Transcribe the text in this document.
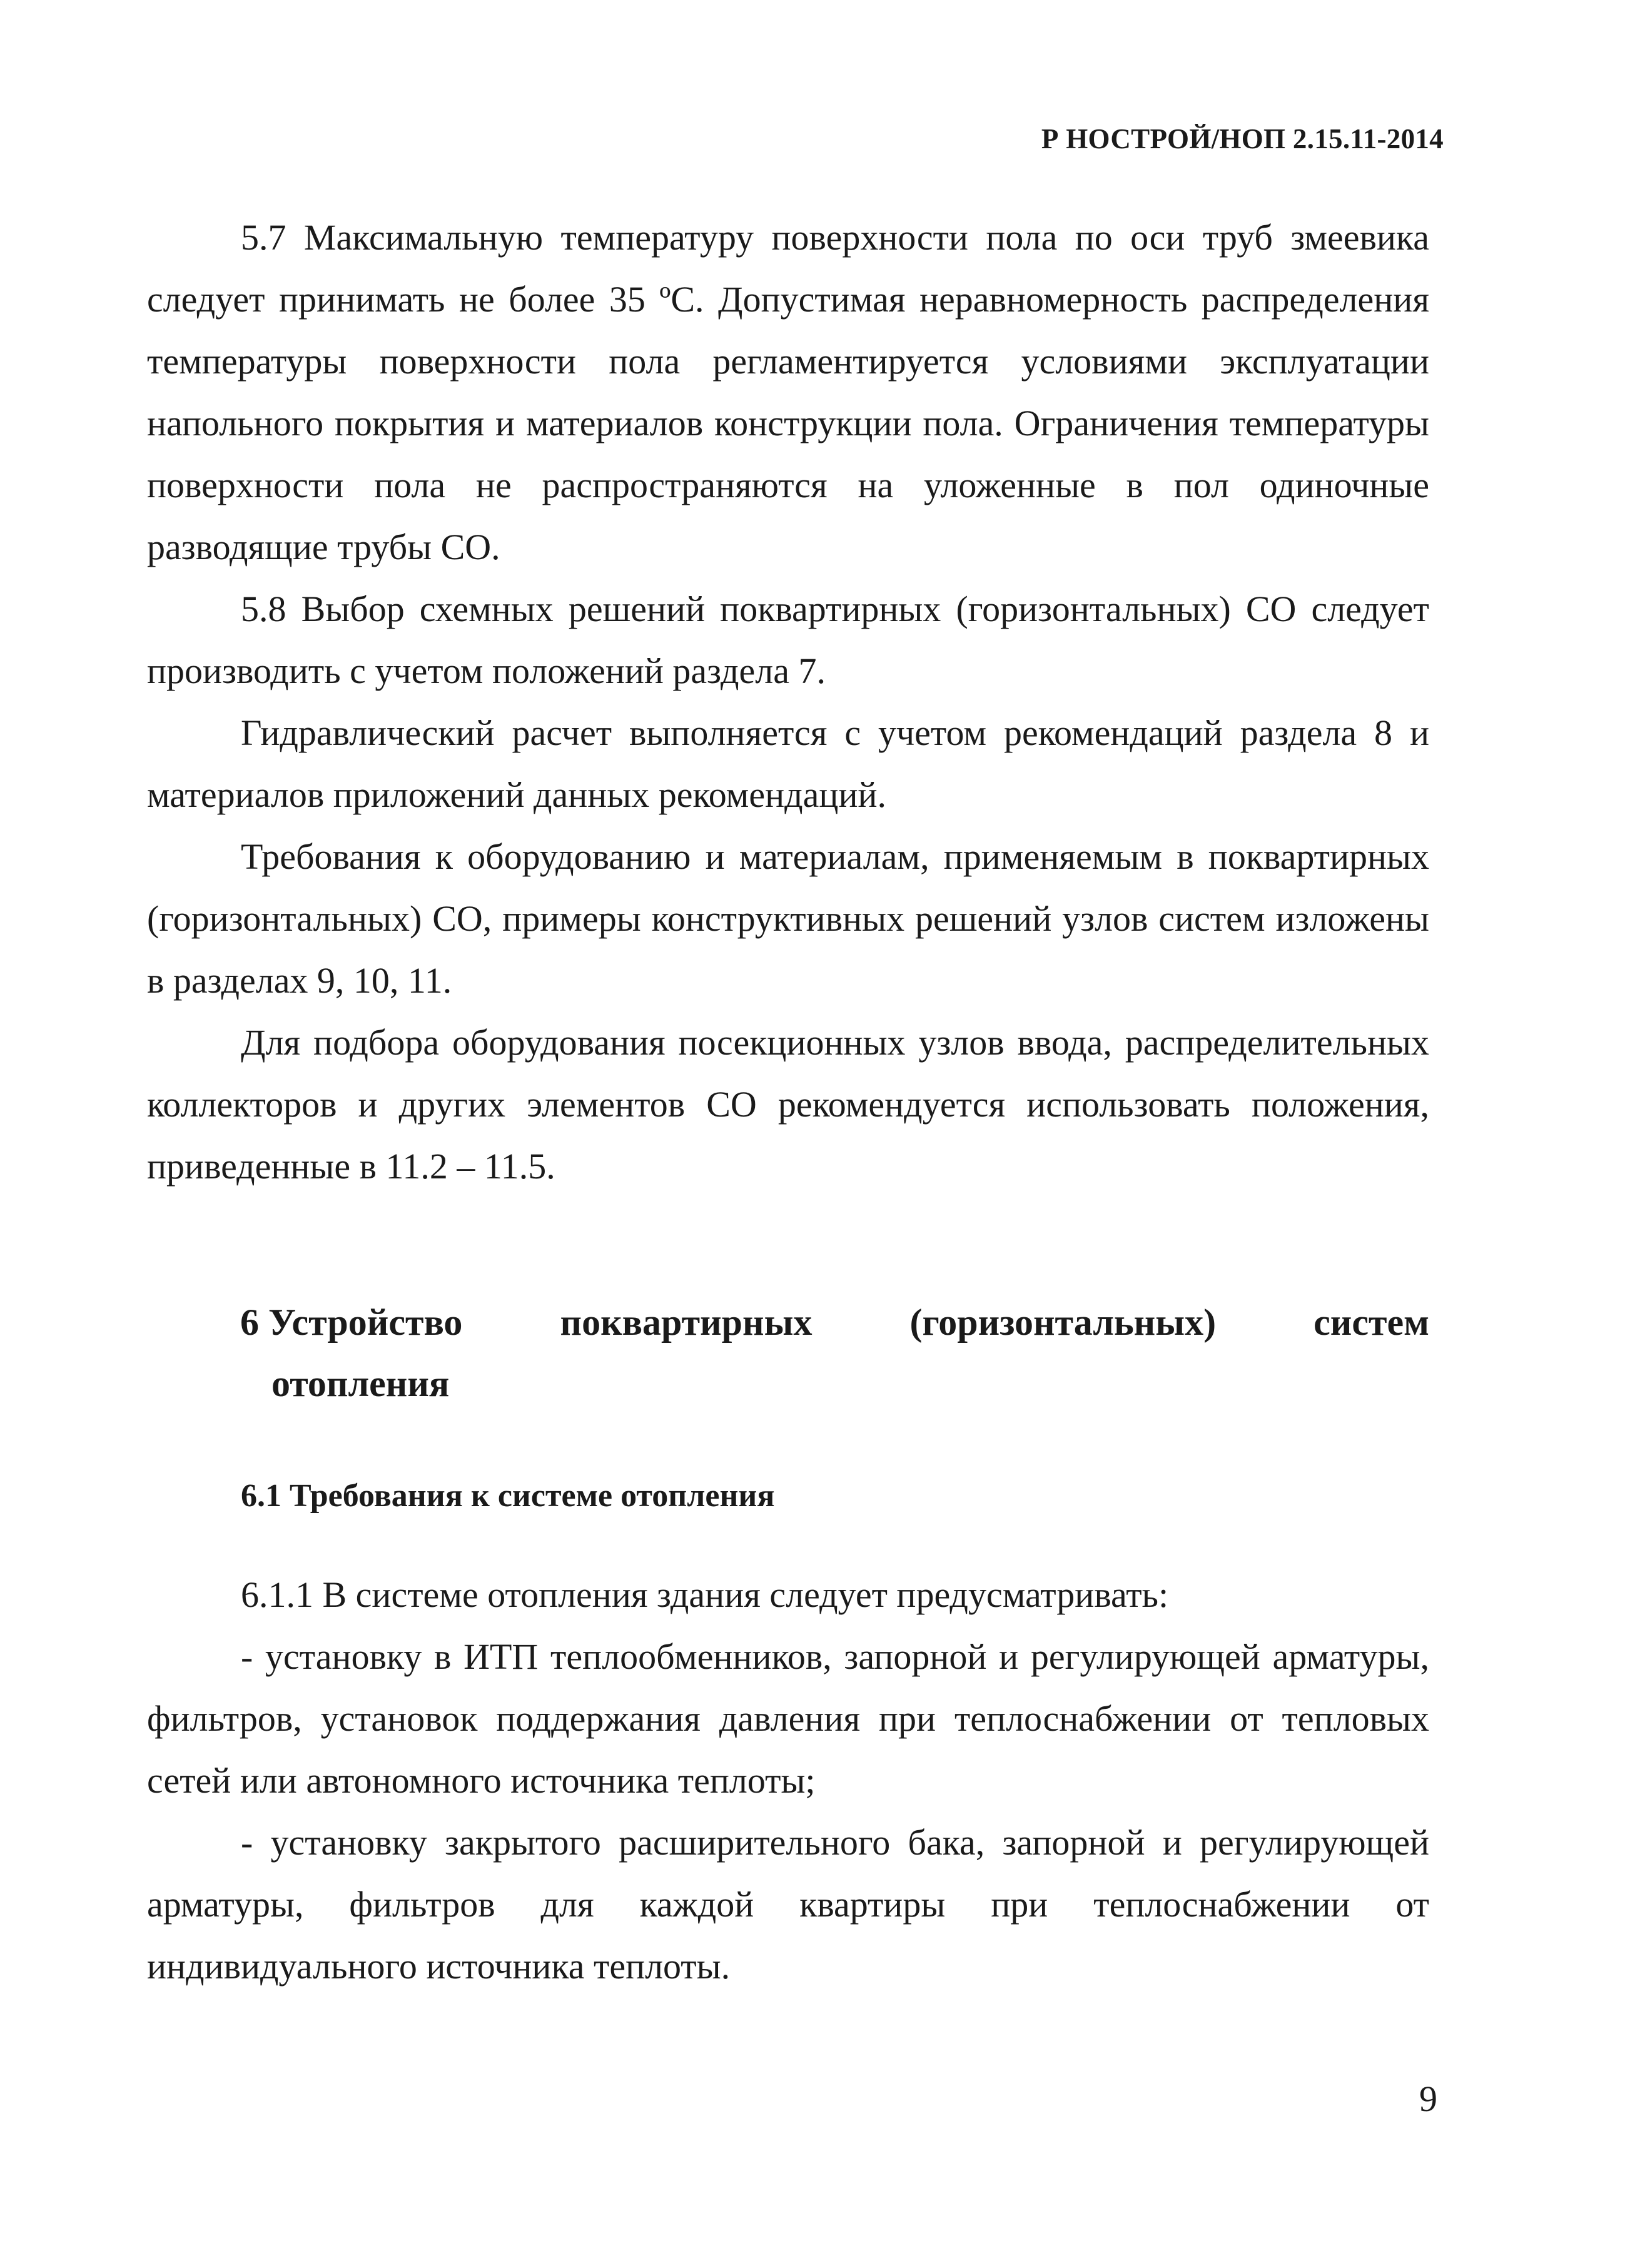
Р НОСТРОЙ/НОП 2.15.11-2014

5.7 Максимальную температуру поверхности пола по оси труб змеевика следует принимать не более 35 ºС. Допустимая неравномерность распределения температуры поверхности пола регламентируется условиями эксплуатации напольного покрытия и материалов конструкции пола. Ограничения температуры поверхности пола не распространяются на уложенные в пол одиночные разводящие трубы СО.

5.8 Выбор схемных решений поквартирных (горизонтальных) СО следует производить с учетом положений раздела 7.

Гидравлический расчет выполняется с учетом рекомендаций раздела 8 и материалов приложений данных рекомендаций.

Требования к оборудованию и материалам, применяемым в поквартирных (горизонтальных) СО, примеры конструктивных решений узлов систем изложены в разделах 9, 10, 11.

Для подбора оборудования посекционных узлов ввода, распределительных коллекторов и других элементов СО рекомендуется использовать положения, приведенные в 11.2 – 11.5.

6 Устройство	поквартирных	(горизонтальных)	систем

отопления

6.1 Требования к системе отопления

6.1.1 В системе отопления здания следует предусматривать:

- установку в ИТП теплообменников, запорной и регулирующей арматуры, фильтров, установок поддержания давления при теплоснабжении от тепловых сетей или автономного источника теплоты;

- установку закрытого расширительного бака, запорной и регулирующей арматуры, фильтров для каждой квартиры при теплоснабжении от индивидуального источника теплоты.

9
